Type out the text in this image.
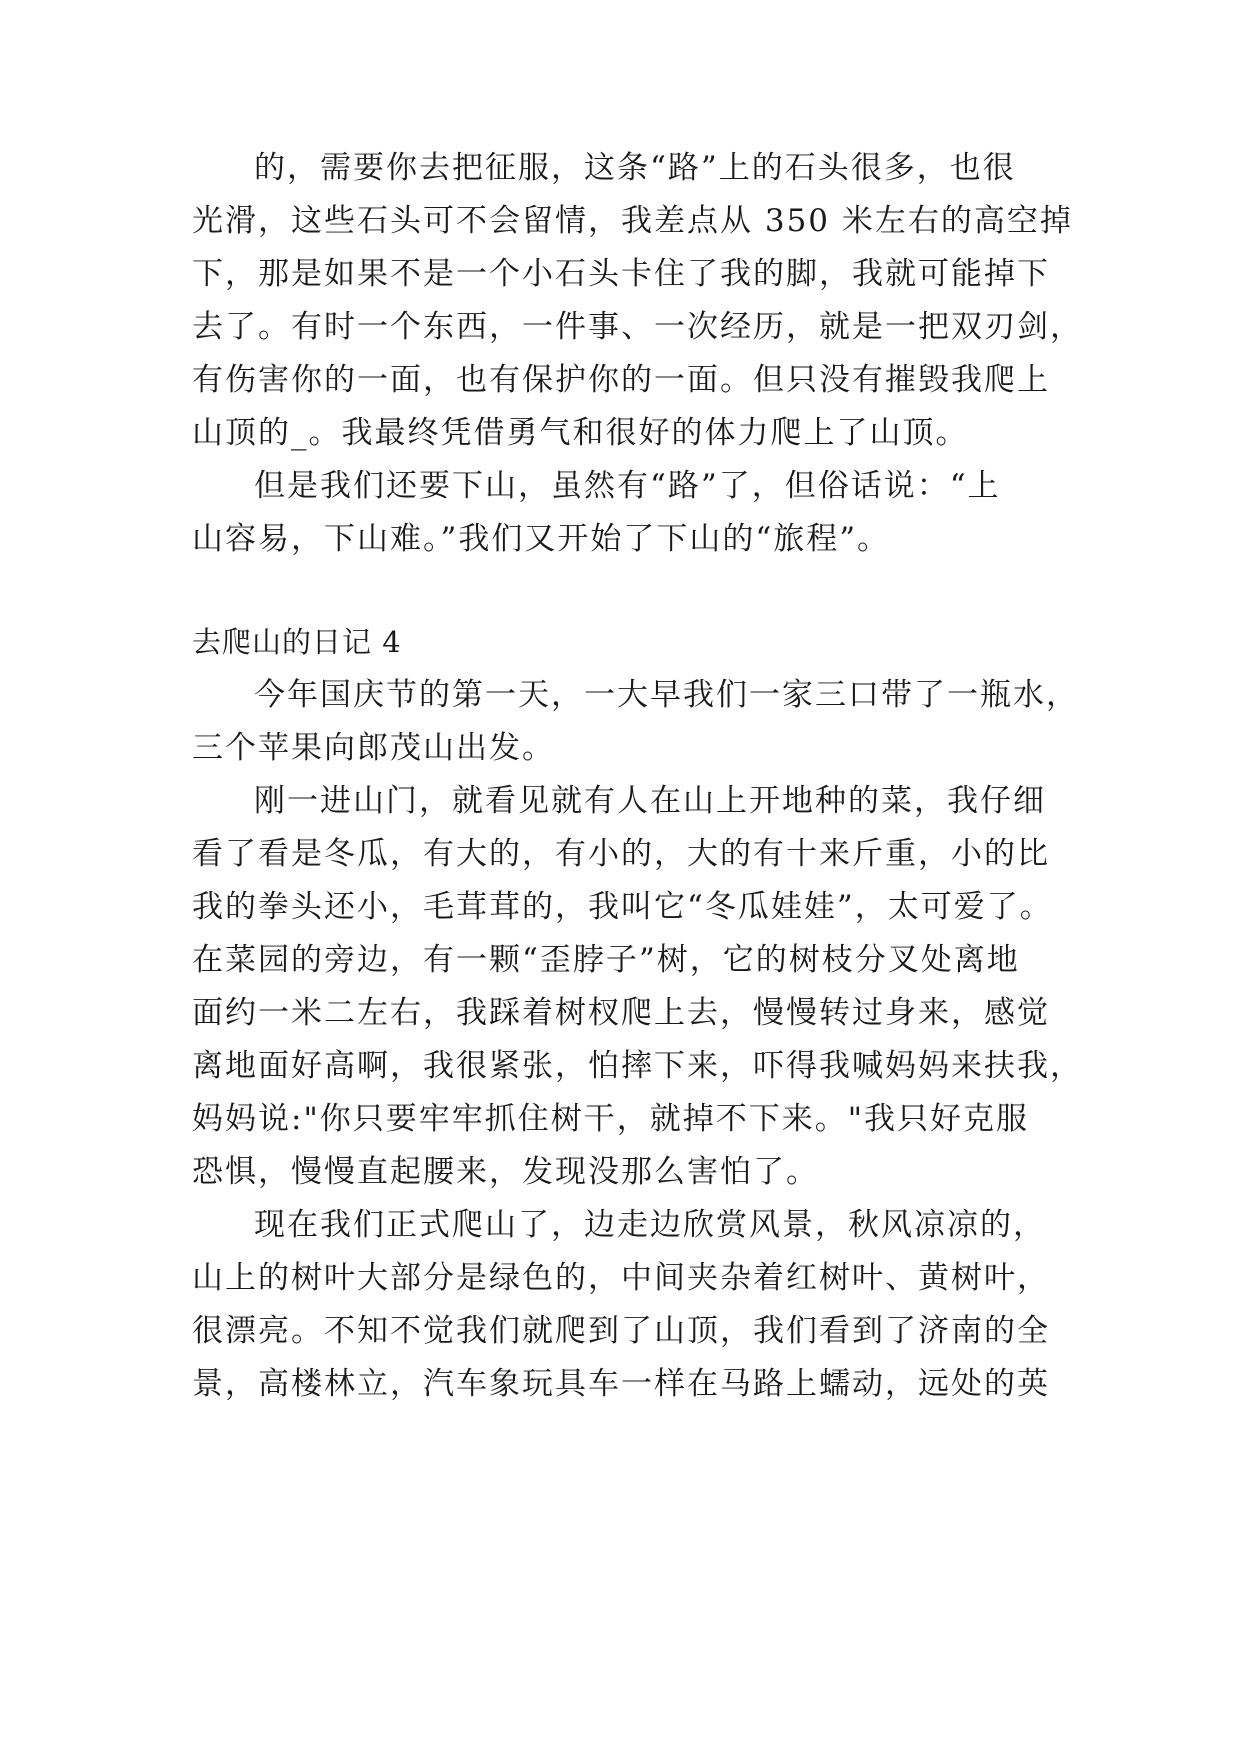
的，需要你去把征服，这条“路”上的石头很多，也很
光滑，这些石头可不会留情，我差点从 350 米左右的高空掉
下，那是如果不是一个小石头卡住了我的脚，我就可能掉下
去了。有时一个东西，一件事、一次经历，就是一把双刃剑，
有伤害你的一面，也有保护你的一面。但只没有摧毁我爬上
山顶的_。我最终凭借勇气和很好的体力爬上了山顶。
但是我们还要下山，虽然有“路”了，但俗话说：“上
山容易，下山难。”我们又开始了下山的“旅程”。
去爬山的日记 4
今年国庆节的第一天，一大早我们一家三口带了一瓶水，
三个苹果向郎茂山出发。
刚一进山门，就看见就有人在山上开地种的菜，我仔细
看了看是冬瓜，有大的，有小的，大的有十来斤重，小的比
我的拳头还小，毛茸茸的，我叫它“冬瓜娃娃”，太可爱了。
在菜园的旁边，有一颗“歪脖子”树，它的树枝分叉处离地
面约一米二左右，我踩着树杈爬上去，慢慢转过身来，感觉
离地面好高啊，我很紧张，怕摔下来，吓得我喊妈妈来扶我，
妈妈说:"你只要牢牢抓住树干，就掉不下来。"我只好克服
恐惧，慢慢直起腰来，发现没那么害怕了。
现在我们正式爬山了，边走边欣赏风景，秋风凉凉的，
山上的树叶大部分是绿色的，中间夹杂着红树叶、黄树叶，
很漂亮。不知不觉我们就爬到了山顶，我们看到了济南的全
景，高楼林立，汽车象玩具车一样在马路上蠕动，远处的英
